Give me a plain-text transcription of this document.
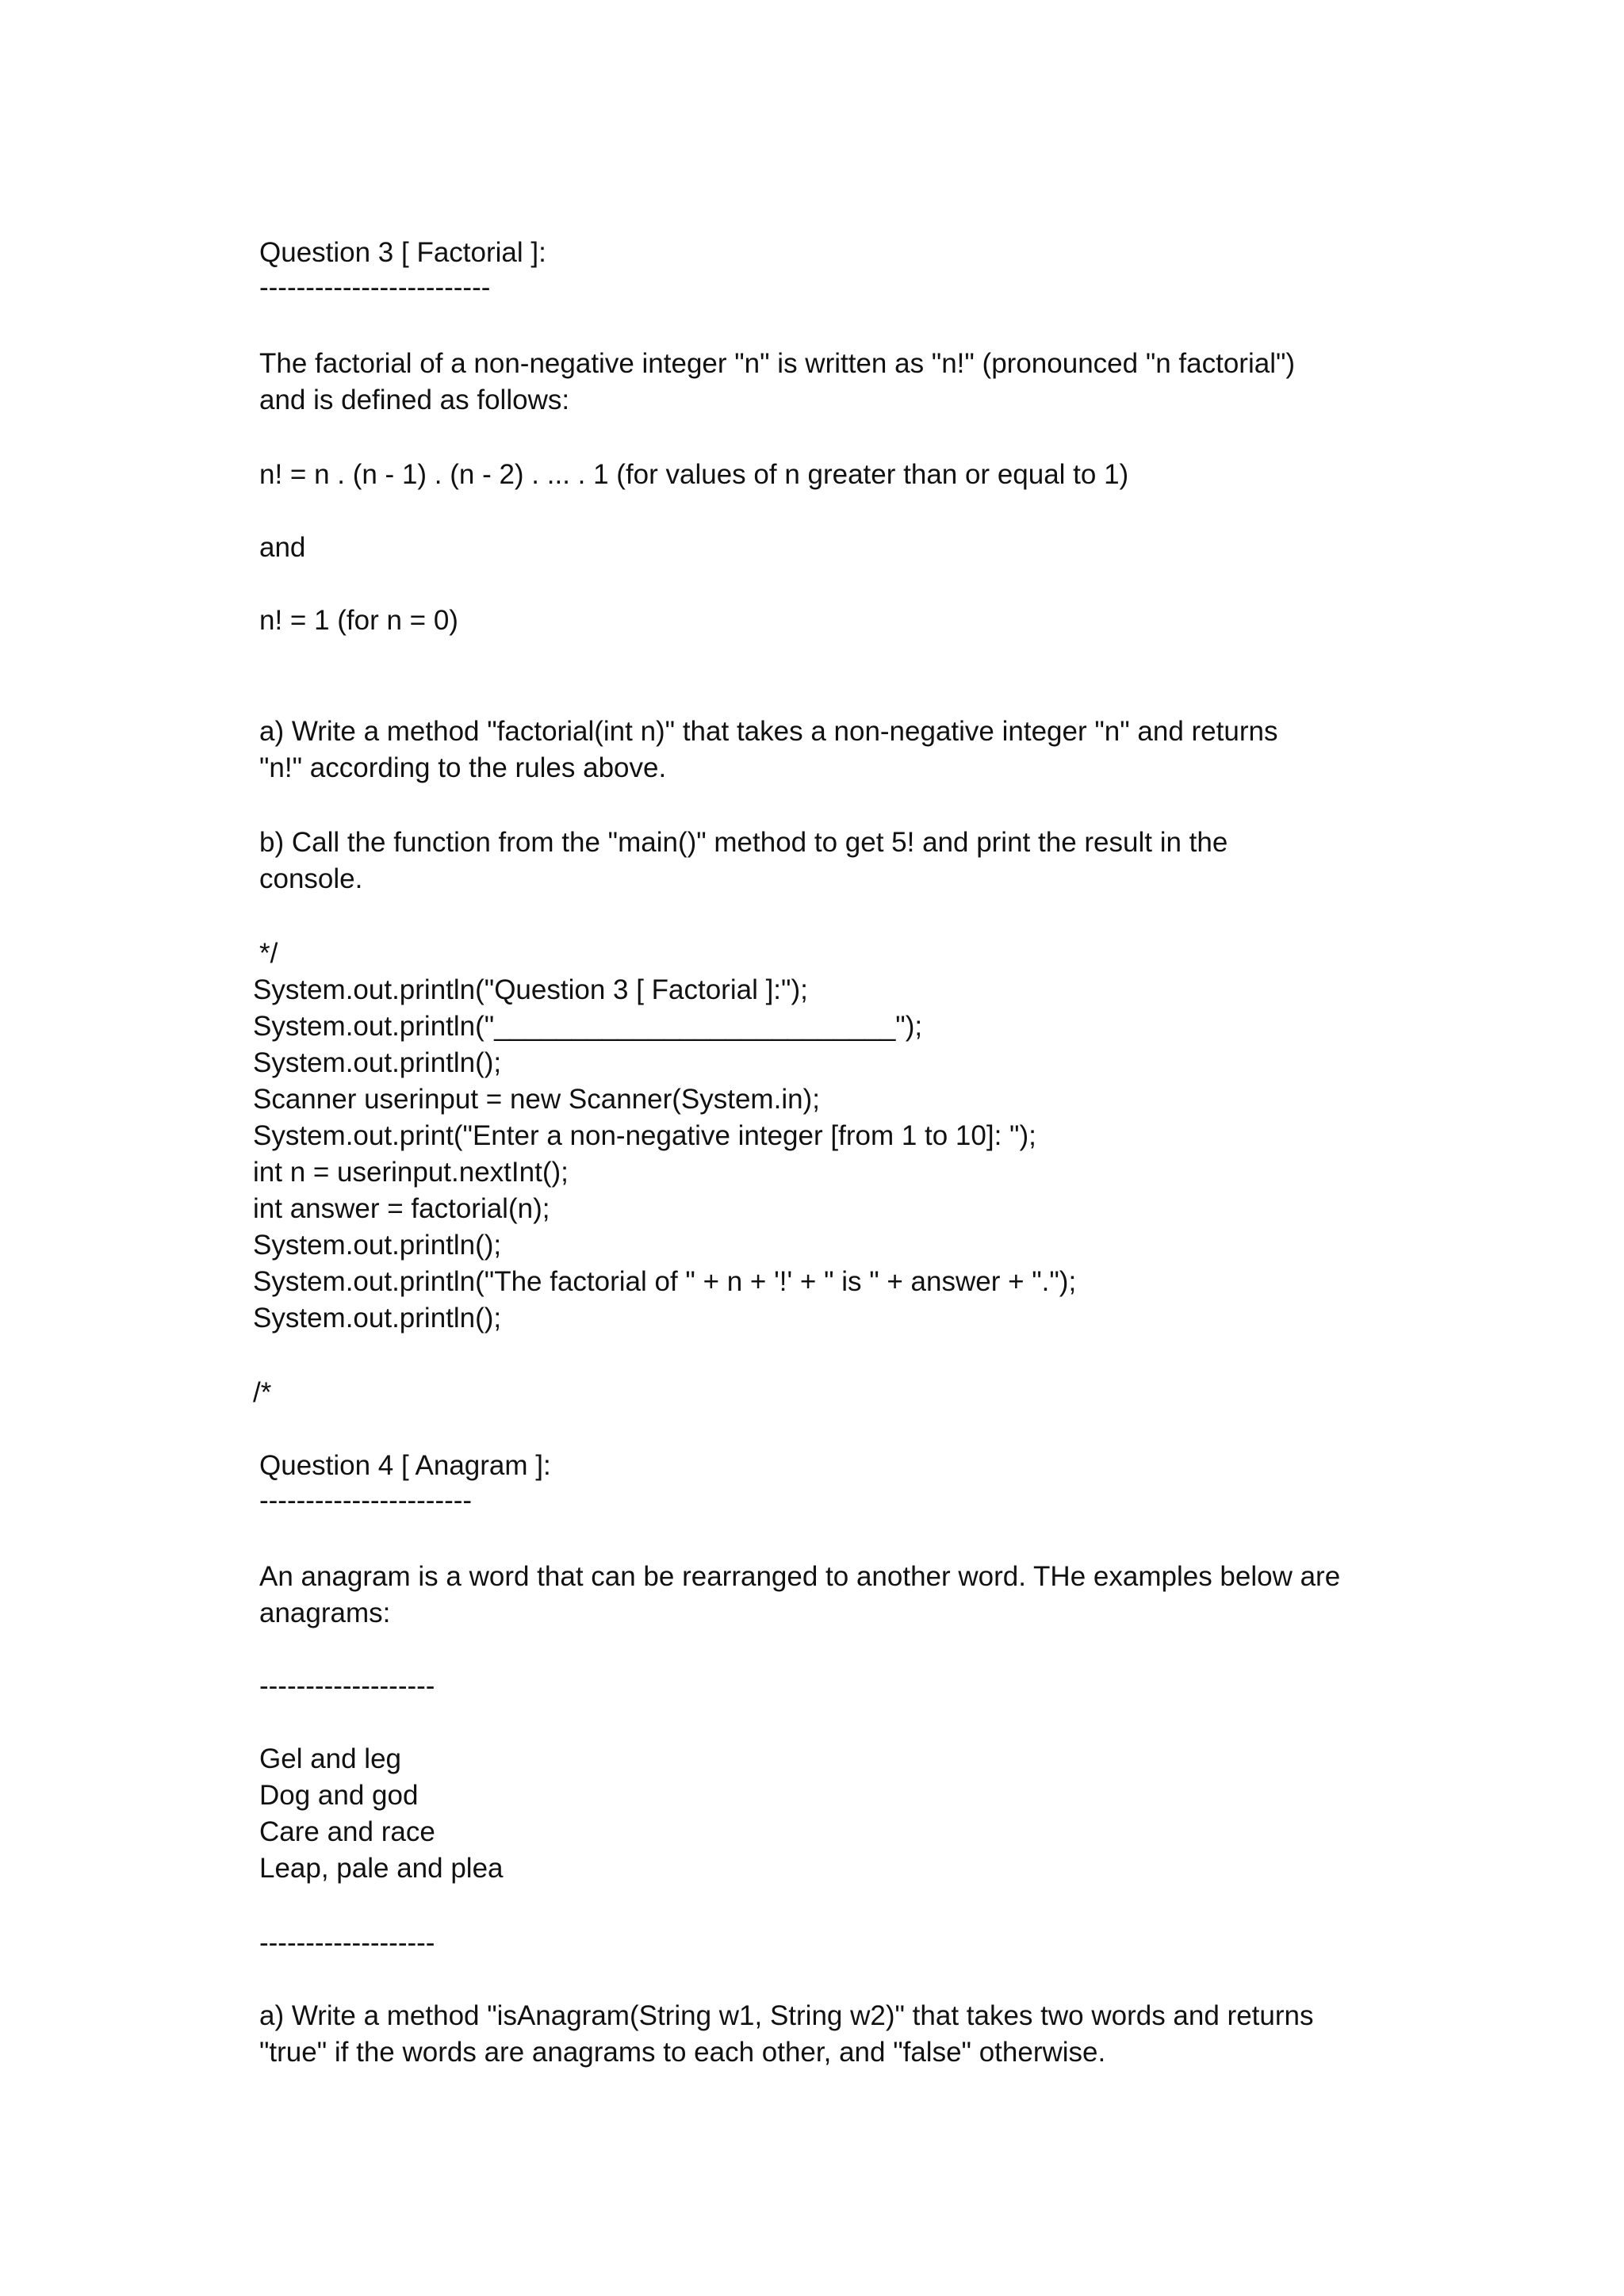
Question 3 [ Factorial ]:

-------------------------

The factorial of a non-negative integer "n" is written as "n!" (pronounced "n factorial")

and is defined as follows:

n! = n . (n - 1) . (n - 2) . ... . 1 (for values of n greater than or equal to 1)

and

n! = 1 (for n = 0)

a) Write a method "factorial(int n)" that takes a non-negative integer "n" and returns

"n!" according to the rules above.

b) Call the function from the "main()" method to get 5! and print the result in the

console.

*/

System.out.println("Question 3 [ Factorial ]:");

System.out.println("__________________________");

System.out.println();

Scanner userinput = new Scanner(System.in);

System.out.print("Enter a non-negative integer [from 1 to 10]: ");

int n = userinput.nextInt();

int answer = factorial(n);

System.out.println();

System.out.println("The factorial of " + n + '!' + " is " + answer + ".");

System.out.println();

/*

Question 4 [ Anagram ]:

-----------------------

An anagram is a word that can be rearranged to another word. THe examples below are

anagrams:

-------------------

Gel and leg

Dog and god

Care and race

Leap, pale and plea

-------------------

a) Write a method "isAnagram(String w1, String w2)" that takes two words and returns

"true" if the words are anagrams to each other, and "false" otherwise.
